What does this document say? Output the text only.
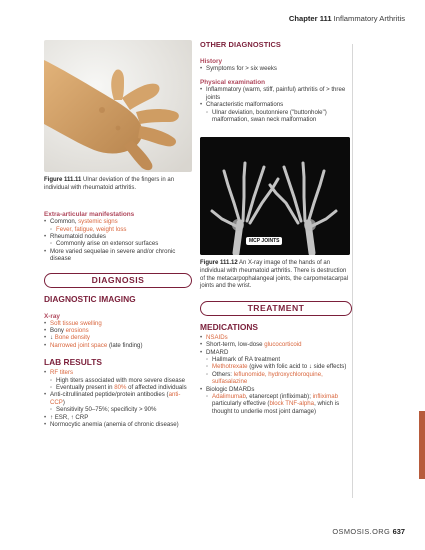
Chapter 111 Inflammatory Arthritis

Figure 111.11 Ulnar deviation of the fingers in an individual with rheumatoid arthritis.

Extra-articular manifestations
• Common, systemic signs
◦ Fever, fatigue, weight loss
• Rheumatoid nodules
◦ Commonly arise on extensor surfaces
• More varied sequelae in severe and/or chronic disease
DIAGNOSIS
DIAGNOSTIC IMAGING
X-ray
• Soft tissue swelling
• Bony erosions
• ↓ Bone density
• Narrowed joint space (late finding)
LAB RESULTS
• RF titers
◦ High titers associated with more severe disease
◦ Eventually present in 80% of affected individuals
• Anti-citrullinated peptide/protein antibodies (anti-CCP)
◦ Sensitivity 50–75%; specificity > 90%
• ↑ ESR, ↑ CRP
• Normocytic anemia (anemia of chronic disease)
OTHER DIAGNOSTICS
History
• Symptoms for > six weeks
Physical examination
• Inflammatory (warm, stiff, painful) arthritis of > three joints
• Characteristic malformations
◦ Ulnar deviation, boutonniere ("buttonhole") malformation, swan neck malformation
MCP JOINTS

Figure 111.12 An X-ray image of the hands of an individual with rheumatoid arthritis. There is destruction of the metacarpophalangeal joints, the carpometacarpal joints and the wrist.

TREATMENT
MEDICATIONS
• NSAIDs
• Short-term, low-dose glucocorticoid
• DMARD
◦ Hallmark of RA treatment
◦ Methotrexate (give with folic acid to ↓ side effects)
◦ Others: leflunomide, hydroxychloroquine, sulfasalazine
• Biologic DMARDs
◦ Adalimumab, etanercept (infliximab); infliximab particularly effective (block TNF-alpha, which is thought to underlie most joint damage)
OSMOSIS.ORG 637
